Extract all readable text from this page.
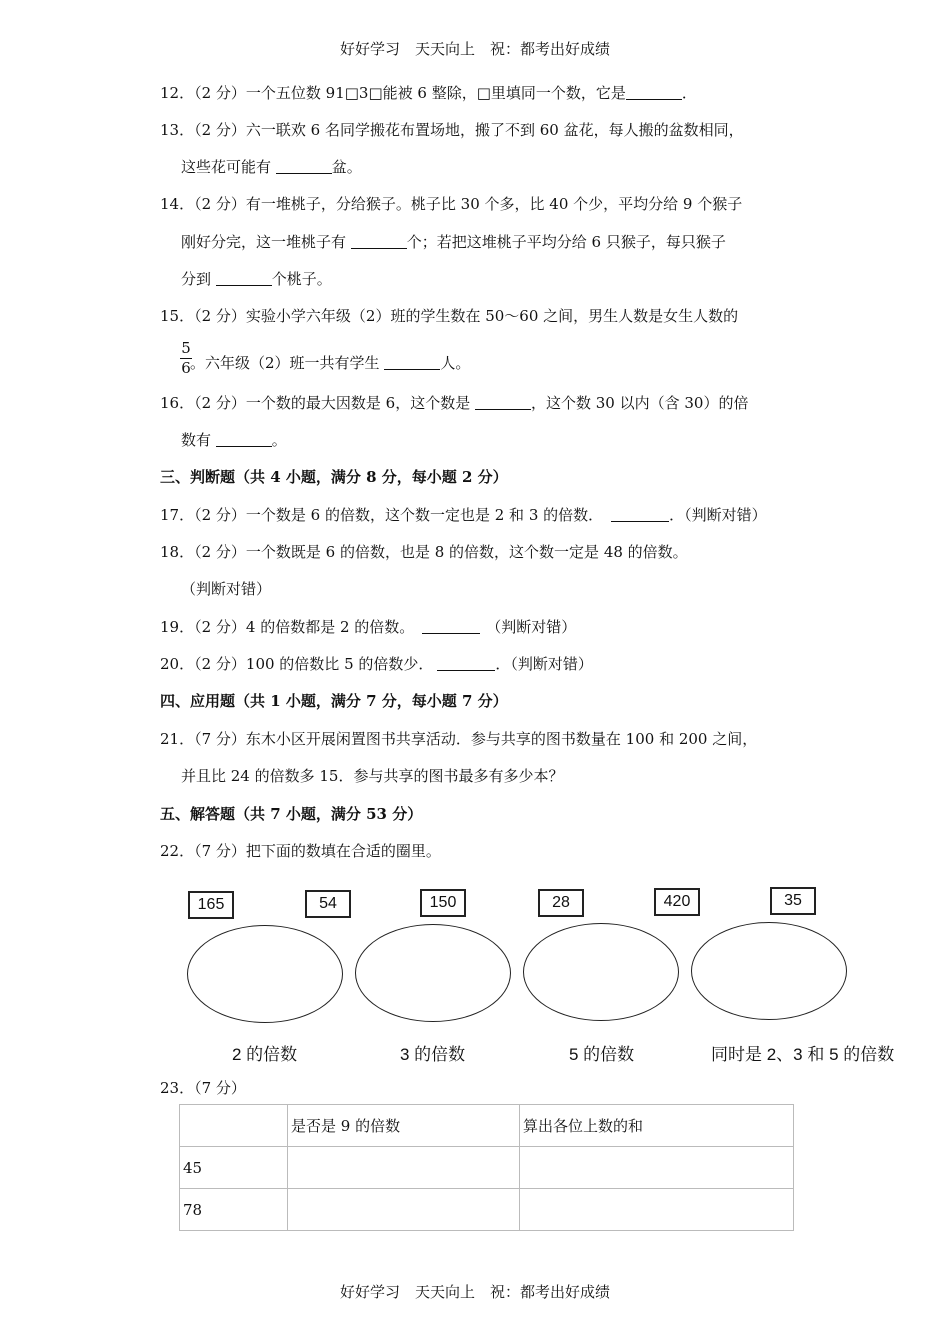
好好学习　天天向上　祝：都考出好成绩
12．（2 分）一个五位数 91□3□能被 6 整除，□里填同一个数，它是	．
13．（2 分）六一联欢 6 名同学搬花布置场地，搬了不到 60 盆花，每人搬的盆数相同，
这些花可能有	盆。
14．（2 分）有一堆桃子，分给猴子。桃子比 30 个多，比 40 个少，平均分给 9 个猴子
刚好分完，这一堆桃子有	个；若把这堆桃子平均分给 6 只猴子，每只猴子
分到	个桃子。
15．（2 分）实验小学六年级（2）班的学生数在 50～60 之间，男生人数是女生人数的
5
6 。六年级（2）班一共有学生	人。
16．（2 分）一个数的最大因数是 6，这个数是	，这个数 30 以内（含 30）的倍
数有	。
三、判断题（共 4 小题，满分 8 分，每小题 2 分）
17．（2 分）一个数是 6 的倍数，这个数一定也是 2 和 3 的倍数．	．（判断对错）
18．（2 分）一个数既是 6 的倍数，也是 8 的倍数，这个数一定是 48 的倍数。
（判断对错）
19．（2 分）4 的倍数都是 2 的倍数。	（判断对错）
20．（2 分）100 的倍数比 5 的倍数少．	．（判断对错）
四、应用题（共 1 小题，满分 7 分，每小题 7 分）
21．（7 分）东木小区开展闲置图书共享活动．参与共享的图书数量在 100 和 200 之间，
并且比 24 的倍数多 15．参与共享的图书最多有多少本？
五、解答题（共 7 小题，满分 53 分）
22．（7 分）把下面的数填在合适的圈里。
165	54	150	28	420	35
2 的倍数	3 的倍数	5 的倍数	同时是 2、3 和 5 的倍数
23．（7 分）
	是否是 9 的倍数	算出各位上数的和
45		
78		
好好学习　天天向上　祝：都考出好成绩
